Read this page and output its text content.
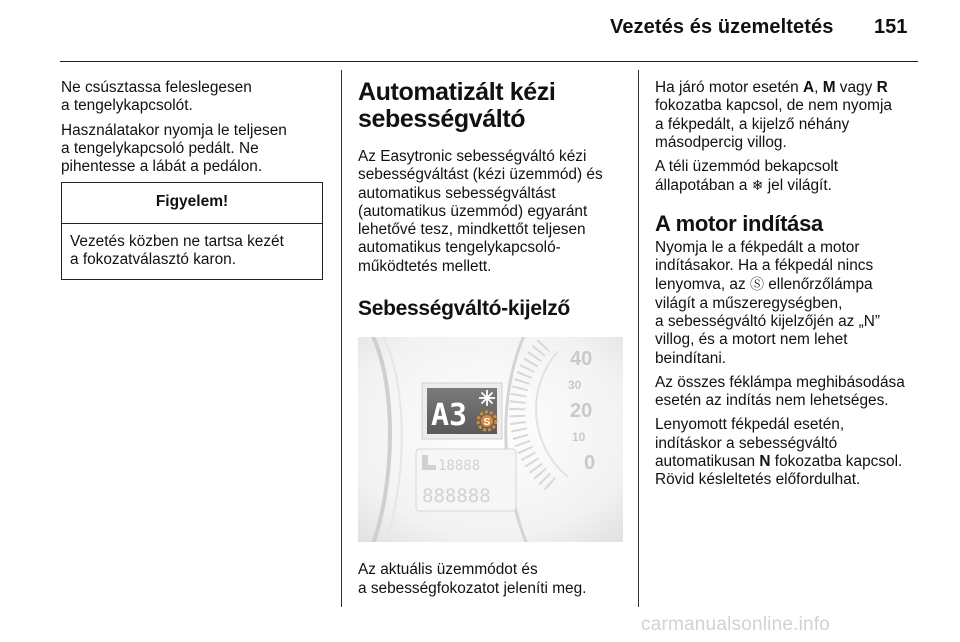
Vezetés és üzemeltetés 151

Ne csúsztassa feleslegesen
a tengelykapcsolót.

Használatakor nyomja le teljesen
a tengelykapcsoló pedált. Ne
pihentesse a lábát a pedálon.

Figyelem!
Vezetés közben ne tartsa kezét
a fokozatválasztó karon.
Automatizált kézi
sebességváltó

Az Easytronic sebességváltó kézi
sebességváltást (kézi üzemmód) és
automatikus sebességváltást
(automatikus üzemmód) egyaránt
lehetővé tesz, mindkettőt teljesen
automatikus tengelykapcsoló-
működtetés mellett.

Sebességváltó-kijelző
40
30
20
10
0
A3 S
18888
888888

Az aktuális üzemmódot és
a sebességfokozatot jeleníti meg.

Ha járó motor esetén A, M vagy R
fokozatba kapcsol, de nem nyomja
a fékpedált, a kijelző néhány
másodpercig villog.

A téli üzemmód bekapcsolt
állapotában a ❄ jel világít.

A motor indítása

Nyomja le a fékpedált a motor
indításakor. Ha a fékpedál nincs
lenyomva, az Ⓢ ellenőrzőlámpa
világít a műszeregységben,
a sebességváltó kijelzőjén az „N”
villog, és a motort nem lehet
beindítani.

Az összes féklámpa meghibásodása
esetén az indítás nem lehetséges.

Lenyomott fékpedál esetén,
indításkor a sebességváltó
automatikusan N fokozatba kapcsol.
Rövid késleltetés előfordulhat.

carmanualsonline.info
